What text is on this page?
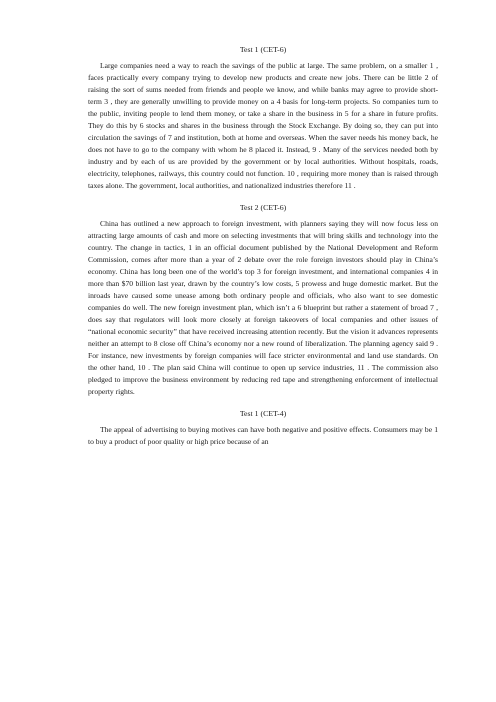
Test 1 (CET-6)

Large companies need a way to reach the savings of the public at large. The same problem, on a smaller 1 , faces practically every company trying to develop new products and create new jobs. There can be little 2 of raising the sort of sums needed from friends and people we know, and while banks may agree to provide short-term 3 , they are generally unwilling to provide money on a 4 basis for long-term projects. So companies turn to the public, inviting people to lend them money, or take a share in the business in 5 for a share in future profits. They do this by 6 stocks and shares in the business through the Stock Exchange. By doing so, they can put into circulation the savings of 7 and institution, both at home and overseas. When the saver needs his money back, he does not have to go to the company with whom he 8 placed it. Instead, 9 . Many of the services needed both by industry and by each of us are provided by the government or by local authorities. Without hospitals, roads, electricity, telephones, railways, this country could not function. 10 , requiring more money than is raised through taxes alone. The government, local authorities, and nationalized industries therefore 11 .

Test 2 (CET-6)

China has outlined a new approach to foreign investment, with planners saying they will now focus less on attracting large amounts of cash and more on selecting investments that will bring skills and technology into the country. The change in tactics, 1 in an official document published by the National Development and Reform Commission, comes after more than a year of 2 debate over the role foreign investors should play in China’s economy. China has long been one of the world’s top 3 for foreign investment, and international companies 4 in more than $70 billion last year, drawn by the country’s low costs, 5 prowess and huge domestic market. But the inroads have caused some unease among both ordinary people and officials, who also want to see domestic companies do well. The new foreign investment plan, which isn’t a 6 blueprint but rather a statement of broad 7 , does say that regulators will look more closely at foreign takeovers of local companies and other issues of “national economic security” that have received increasing attention recently. But the vision it advances represents neither an attempt to 8 close off China’s economy nor a new round of liberalization. The planning agency said 9 . For instance, new investments by foreign companies will face stricter environmental and land use standards. On the other hand, 10 . The plan said China will continue to open up service industries, 11 . The commission also pledged to improve the business environment by reducing red tape and strengthening enforcement of intellectual property rights.

Test 1 (CET-4)

The appeal of advertising to buying motives can have both negative and positive effects. Consumers may be 1 to buy a product of poor quality or high price because of an
